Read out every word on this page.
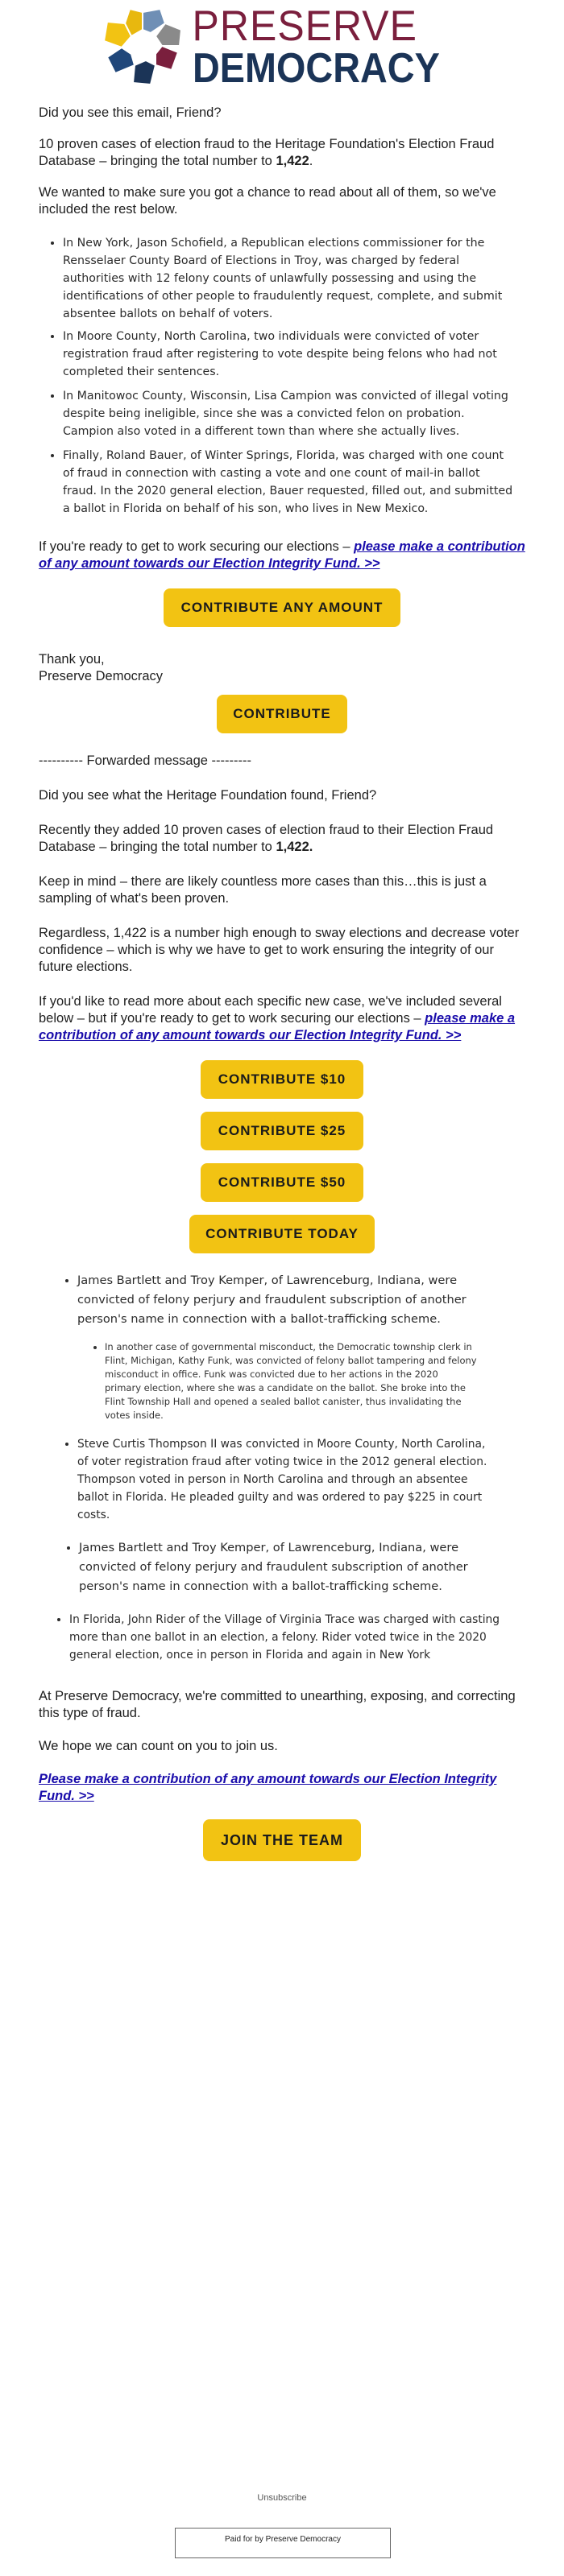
PRESERVE
DEMOCRACY

Did you see this email, Friend?

10 proven cases of election fraud to the Heritage Foundation's Election Fraud Database – bringing the total number to 1,422.

We wanted to make sure you got a chance to read about all of them, so we've included the rest below.

• In New York, Jason Schofield, a Republican elections commissioner for the Rensselaer County Board of Elections in Troy, was charged by federal authorities with 12 felony counts of unlawfully possessing and using the identifications of other people to fraudulently request, complete, and submit absentee ballots on behalf of voters.
• In Moore County, North Carolina, two individuals were convicted of voter registration fraud after registering to vote despite being felons who had not completed their sentences.
• In Manitowoc County, Wisconsin, Lisa Campion was convicted of illegal voting despite being ineligible, since she was a convicted felon on probation. Campion also voted in a different town than where she actually lives.
• Finally, Roland Bauer, of Winter Springs, Florida, was charged with one count of fraud in connection with casting a vote and one count of mail-in ballot fraud. In the 2020 general election, Bauer requested, filled out, and submitted a ballot in Florida on behalf of his son, who lives in New Mexico.

If you're ready to get to work securing our elections – please make a contribution of any amount towards our Election Integrity Fund. >>

CONTRIBUTE ANY AMOUNT

Thank you,

Preserve Democracy

CONTRIBUTE

---------- Forwarded message ---------

Did you see what the Heritage Foundation found, Friend?

Recently they added 10 proven cases of election fraud to their Election Fraud Database – bringing the total number to 1,422.

Keep in mind – there are likely countless more cases than this…this is just a sampling of what's been proven.

Regardless, 1,422 is a number high enough to sway elections and decrease voter confidence – which is why we have to get to work ensuring the integrity of our future elections.

If you'd like to read more about each specific new case, we've included several below – but if you're ready to get to work securing our elections – please make a contribution of any amount towards our Election Integrity Fund. >>

CONTRIBUTE $10
CONTRIBUTE $25
CONTRIBUTE $50
CONTRIBUTE TODAY
• James Bartlett and Troy Kemper, of Lawrenceburg, Indiana, were convicted of felony perjury and fraudulent subscription of another person's name in connection with a ballot-trafficking scheme.
• In another case of governmental misconduct, the Democratic township clerk in Flint, Michigan, Kathy Funk, was convicted of felony ballot tampering and felony misconduct in office. Funk was convicted due to her actions in the 2020 primary election, where she was a candidate on the ballot. She broke into the Flint Township Hall and opened a sealed ballot canister, thus invalidating the votes inside.
• Steve Curtis Thompson II was convicted in Moore County, North Carolina, of voter registration fraud after voting twice in the 2012 general election. Thompson voted in person in North Carolina and through an absentee ballot in Florida. He pleaded guilty and was ordered to pay $225 in court costs.
• James Bartlett and Troy Kemper, of Lawrenceburg, Indiana, were convicted of felony perjury and fraudulent subscription of another person's name in connection with a ballot-trafficking scheme.
• In Florida, John Rider of the Village of Virginia Trace was charged with casting more than one ballot in an election, a felony. Rider voted twice in the 2020 general election, once in person in Florida and again in New York

At Preserve Democracy, we're committed to unearthing, exposing, and correcting this type of fraud.

We hope we can count on you to join us.

Please make a contribution of any amount towards our Election Integrity Fund. >>

JOIN THE TEAM
Unsubscribe
Paid for by Preserve Democracy
